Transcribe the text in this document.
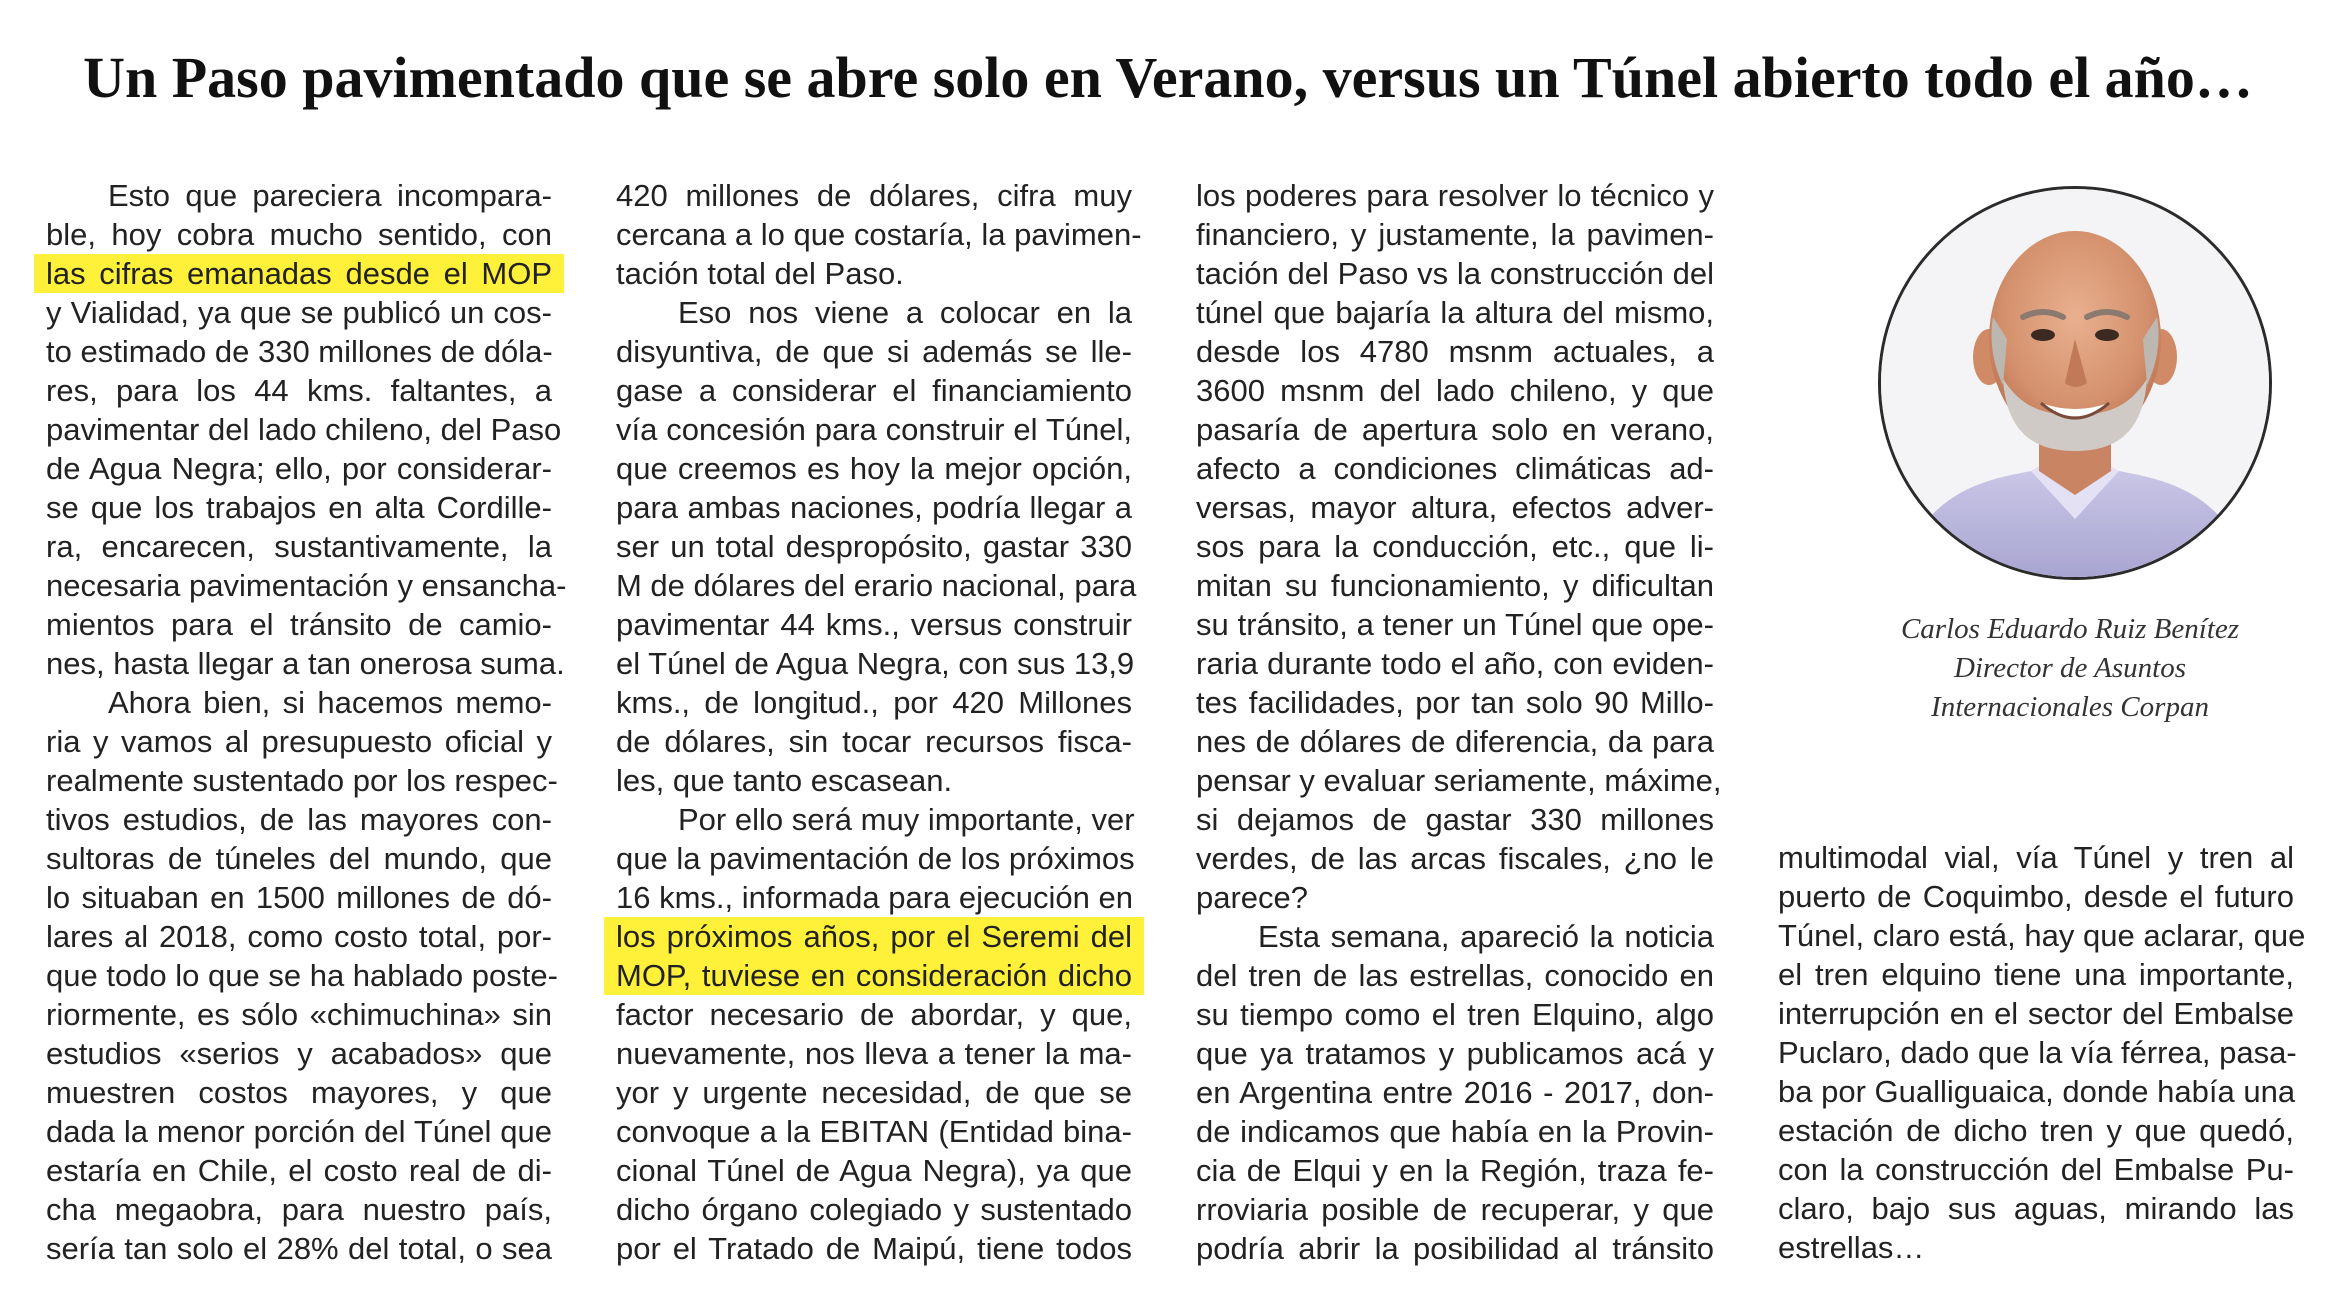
Un Paso pavimentado que se abre solo en Verano, versus un Túnel abierto todo el año…
Esto que pareciera incompara-
ble, hoy cobra mucho sentido, con
las cifras emanadas desde el MOP
y Vialidad, ya que se publicó un cos-
to estimado de 330 millones de dóla-
res, para los 44 kms. faltantes, a
pavimentar del lado chileno, del Paso
de Agua Negra; ello, por considerar-
se que los trabajos en alta Cordille-
ra, encarecen, sustantivamente, la
necesaria pavimentación y ensancha-
mientos para el tránsito de camio-
nes, hasta llegar a tan onerosa suma.
Ahora bien, si hacemos memo-
ria y vamos al presupuesto oficial y
realmente sustentado por los respec-
tivos estudios, de las mayores con-
sultoras de túneles del mundo, que
lo situaban en 1500 millones de dó-
lares al 2018, como costo total, por-
que todo lo que se ha hablado poste-
riormente, es sólo «chimuchina» sin
estudios «serios y acabados» que
muestren costos mayores, y que
dada la menor porción del Túnel que
estaría en Chile, el costo real de di-
cha megaobra, para nuestro país,
sería tan solo el 28% del total, o sea
420 millones de dólares, cifra muy
cercana a lo que costaría, la pavimen-
tación total del Paso.
Eso nos viene a colocar en la
disyuntiva, de que si además se lle-
gase a considerar el financiamiento
vía concesión para construir el Túnel,
que creemos es hoy la mejor opción,
para ambas naciones, podría llegar a
ser un total despropósito, gastar 330
M de dólares del erario nacional, para
pavimentar 44 kms., versus construir
el Túnel de Agua Negra, con sus 13,9
kms., de longitud., por 420 Millones
de dólares, sin tocar recursos fisca-
les, que tanto escasean.
Por ello será muy importante, ver
que la pavimentación de los próximos
16 kms., informada para ejecución en
los próximos años, por el Seremi del
MOP, tuviese en consideración dicho
factor necesario de abordar, y que,
nuevamente, nos lleva a tener la ma-
yor y urgente necesidad, de que se
convoque a la EBITAN (Entidad bina-
cional Túnel de Agua Negra), ya que
dicho órgano colegiado y sustentado
por el Tratado de Maipú, tiene todos
los poderes para resolver lo técnico y
financiero, y justamente, la pavimen-
tación del Paso vs la construcción del
túnel que bajaría la altura del mismo,
desde los 4780 msnm actuales, a
3600 msnm del lado chileno, y que
pasaría de apertura solo en verano,
afecto a condiciones climáticas ad-
versas, mayor altura, efectos adver-
sos para la conducción, etc., que li-
mitan su funcionamiento, y dificultan
su tránsito, a tener un Túnel que ope-
raria durante todo el año, con eviden-
tes facilidades, por tan solo 90 Millo-
nes de dólares de diferencia, da para
pensar y evaluar seriamente, máxime,
si dejamos de gastar 330 millones
verdes, de las arcas fiscales, ¿no le
parece?
Esta semana, apareció la noticia
del tren de las estrellas, conocido en
su tiempo como el tren Elquino, algo
que ya tratamos y publicamos acá y
en Argentina entre 2016 - 2017, don-
de indicamos que había en la Provin-
cia de Elqui y en la Región, traza fe-
rroviaria posible de recuperar, y que
podría abrir la posibilidad al tránsito
multimodal vial, vía Túnel y tren al
puerto de Coquimbo, desde el futuro
Túnel, claro está, hay que aclarar, que
el tren elquino tiene una importante,
interrupción en el sector del Embalse
Puclaro, dado que la vía férrea, pasa-
ba por Gualliguaica, donde había una
estación de dicho tren y que quedó,
con la construcción del Embalse Pu-
claro, bajo sus aguas, mirando las
estrellas…
Carlos Eduardo Ruiz Benítez
Director de Asuntos
Internacionales Corpan
